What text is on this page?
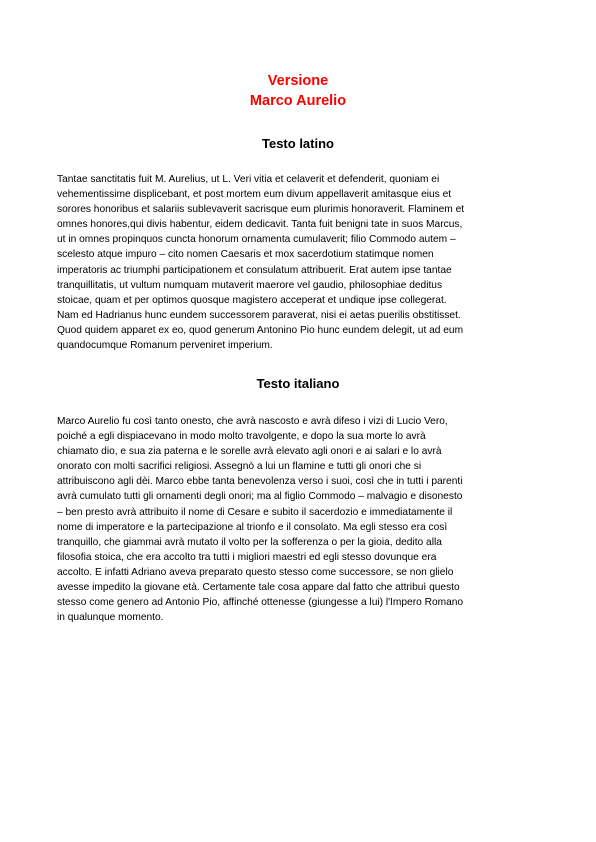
Versione
Marco Aurelio
Testo latino
Tantae sanctitatis fuit M. Aurelius, ut L. Veri vitia et celaverit et defenderit, quoniam ei
vehementissime displicebant, et post mortem eum divum appellaverit amitasque eius et
sorores honoribus et salariis sublevaverit sacrisque eum plurimis honoraverit. Flaminem et
omnes honores,qui divis habentur, eidem dedicavit. Tanta fuit benigni tate in suos Marcus,
ut in omnes propinquos cuncta honorum ornamenta cumulaverit; filio Commodo autem –
scelesto atque impuro – cito nomen Caesaris et mox sacerdotium statimque nomen
imperatoris ac triumphi participationem et consulatum attribuerit. Erat autem ipse tantae
tranquillitatis, ut vultum numquam mutaverit maerore vel gaudio, philosophiae deditus
stoicae, quam et per optimos quosque magistero acceperat et undique ipse collegerat.
Nam ed Hadrianus hunc eundem successorem paraverat, nisi ei aetas puerilis obstitisset.
Quod quidem apparet ex eo, quod generum Antonino Pio hunc eundem delegit, ut ad eum
quandocumque Romanum perveniret imperium.
Testo italiano
Marco Aurelio fu così tanto onesto, che avrà nascosto e avrà difeso i vizi di Lucio Vero,
poiché a egli dispiacevano in modo molto travolgente, e dopo la sua morte lo avrà
chiamato dio, e sua zia paterna e le sorelle avrà elevato agli onori e ai salari e lo avrà
onorato con molti sacrifici religiosi. Assegnò a lui un flamine e tutti gli onori che si
attribuiscono agli dèi. Marco ebbe tanta benevolenza verso i suoi, così che in tutti i parenti
avrà cumulato tutti gli ornamenti degli onori; ma al figlio Commodo – malvagio e disonesto
– ben presto avrà attribuito il nome di Cesare e subito il sacerdozio e immediatamente il
nome di imperatore e la partecipazione al trionfo e il consolato. Ma egli stesso era così
tranquillo, che giammai avrà mutato il volto per la sofferenza o per la gioia, dedito alla
filosofia stoica, che era accolto tra tutti i migliori maestri ed egli stesso dovunque era
accolto. E infatti Adriano aveva preparato questo stesso come successore, se non glielo
avesse impedito la giovane età. Certamente tale cosa appare dal fatto che attribuì questo
stesso come genero ad Antonio Pio, affinché ottenesse (giungesse a lui) l'Impero Romano
in qualunque momento.
